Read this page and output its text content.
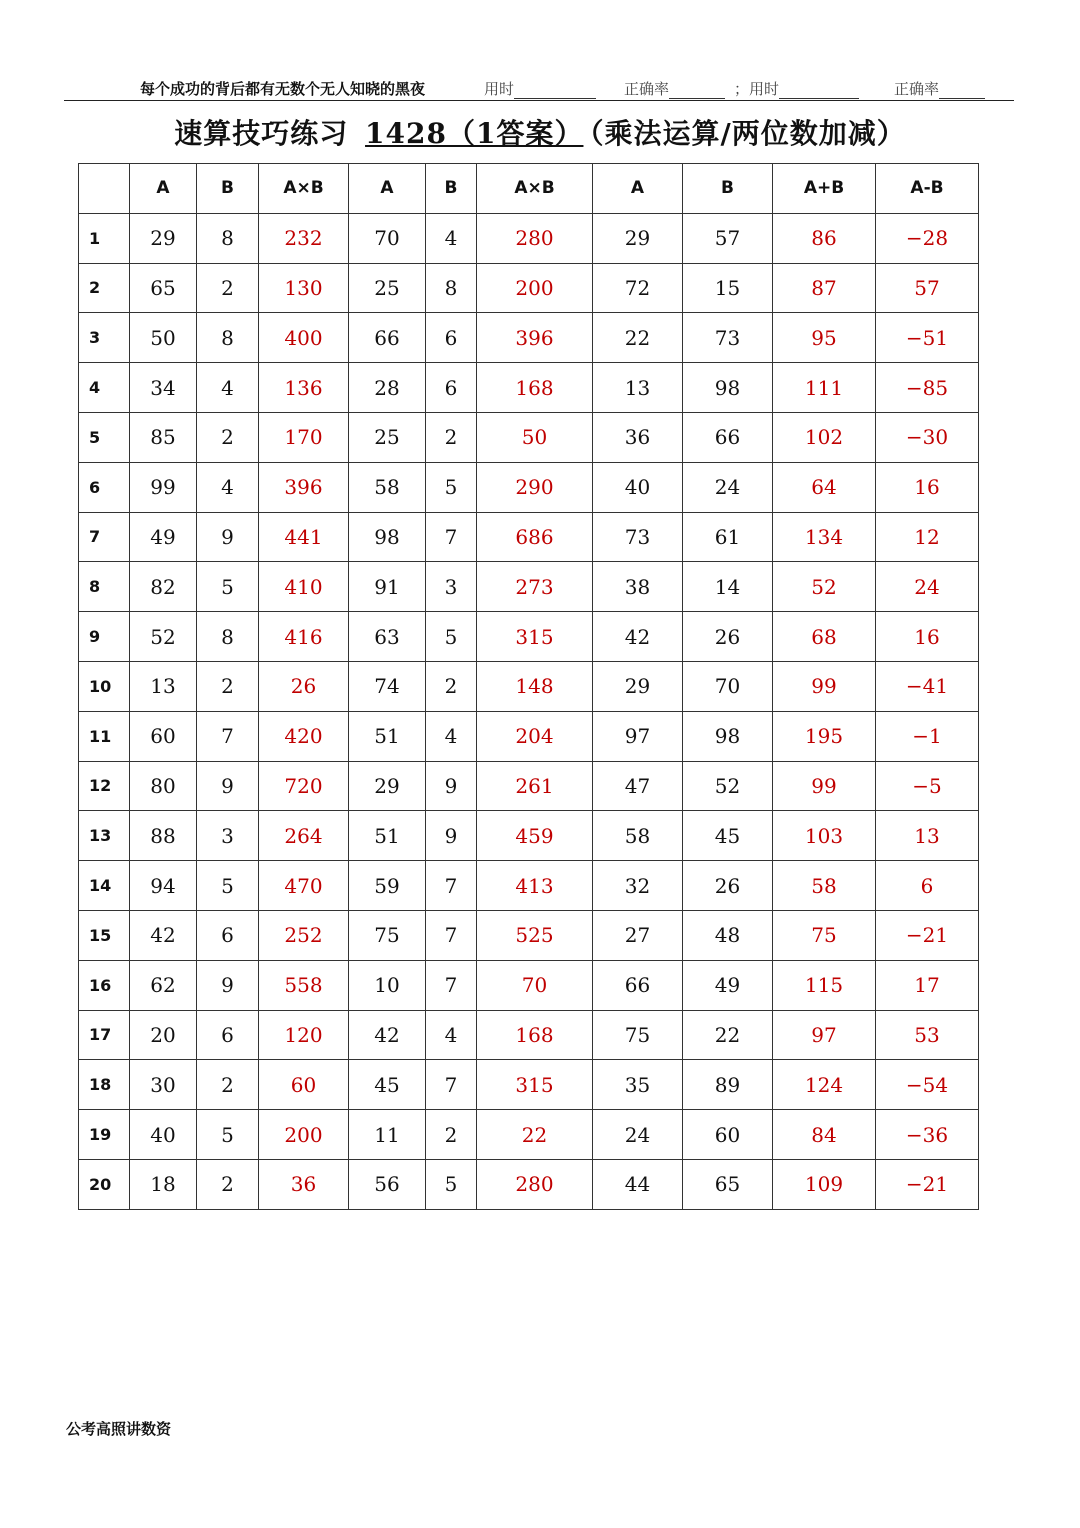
每个成功的背后都有无数个无人知晓的黑夜	用时	正确率	；用时	正确率
速算技巧练习 1428（1答案） （乘法运算/两位数加减）
	A	B	A×B	A	B	A×B	A	B	A+B	A-B
1	29	8	232	70	4	280	29	57	86	−28
2	65	2	130	25	8	200	72	15	87	57
3	50	8	400	66	6	396	22	73	95	−51
4	34	4	136	28	6	168	13	98	111	−85
5	85	2	170	25	2	50	36	66	102	−30
6	99	4	396	58	5	290	40	24	64	16
7	49	9	441	98	7	686	73	61	134	12
8	82	5	410	91	3	273	38	14	52	24
9	52	8	416	63	5	315	42	26	68	16
10	13	2	26	74	2	148	29	70	99	−41
11	60	7	420	51	4	204	97	98	195	−1
12	80	9	720	29	9	261	47	52	99	−5
13	88	3	264	51	9	459	58	45	103	13
14	94	5	470	59	7	413	32	26	58	6
15	42	6	252	75	7	525	27	48	75	−21
16	62	9	558	10	7	70	66	49	115	17
17	20	6	120	42	4	168	75	22	97	53
18	30	2	60	45	7	315	35	89	124	−54
19	40	5	200	11	2	22	24	60	84	−36
20	18	2	36	56	5	280	44	65	109	−21
公考高照讲数资
